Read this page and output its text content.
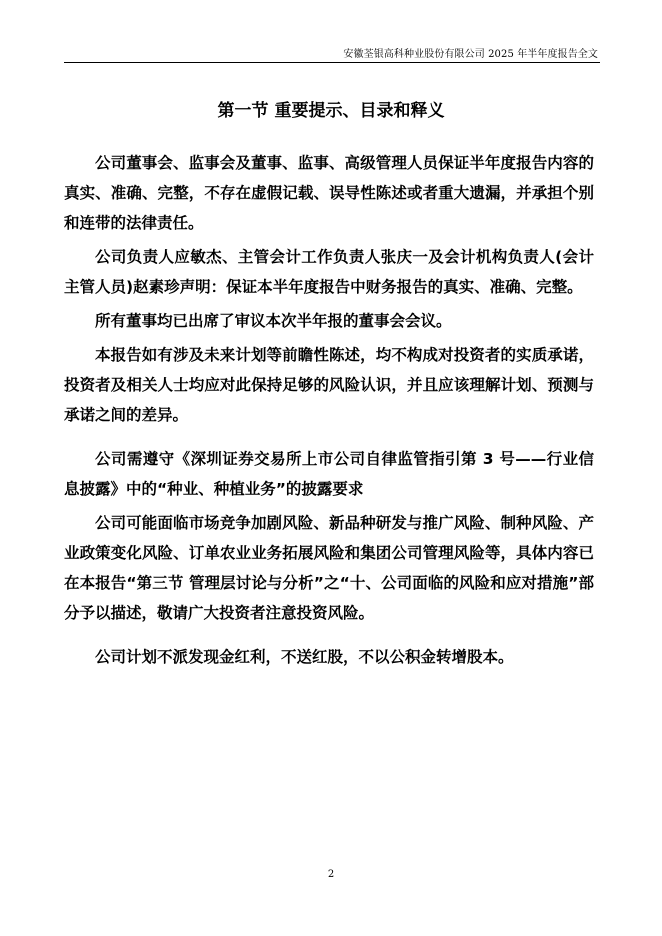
安徽荃银高科种业股份有限公司 2025 年半年度报告全文
第一节 重要提示、目录和释义

公司董事会、监事会及董事、监事、高级管理人员保证半年度报告内容的真实、准确、完整，不存在虚假记载、误导性陈述或者重大遗漏，并承担个别和连带的法律责任。

公司负责人应敏杰、主管会计工作负责人张庆一及会计机构负责人(会计主管人员)赵素珍声明：保证本半年度报告中财务报告的真实、准确、完整。

所有董事均已出席了审议本次半年报的董事会会议。

本报告如有涉及未来计划等前瞻性陈述，均不构成对投资者的实质承诺，投资者及相关人士均应对此保持足够的风险认识，并且应该理解计划、预测与承诺之间的差异。

公司需遵守《深圳证券交易所上市公司自律监管指引第 3 号——行业信息披露》中的“种业、种植业务”的披露要求

公司可能面临市场竞争加剧风险、新品种研发与推广风险、制种风险、产业政策变化风险、订单农业业务拓展风险和集团公司管理风险等，具体内容已在本报告“第三节 管理层讨论与分析”之“十、公司面临的风险和应对措施”部分予以描述，敬请广大投资者注意投资风险。

公司计划不派发现金红利，不送红股，不以公积金转增股本。

2
